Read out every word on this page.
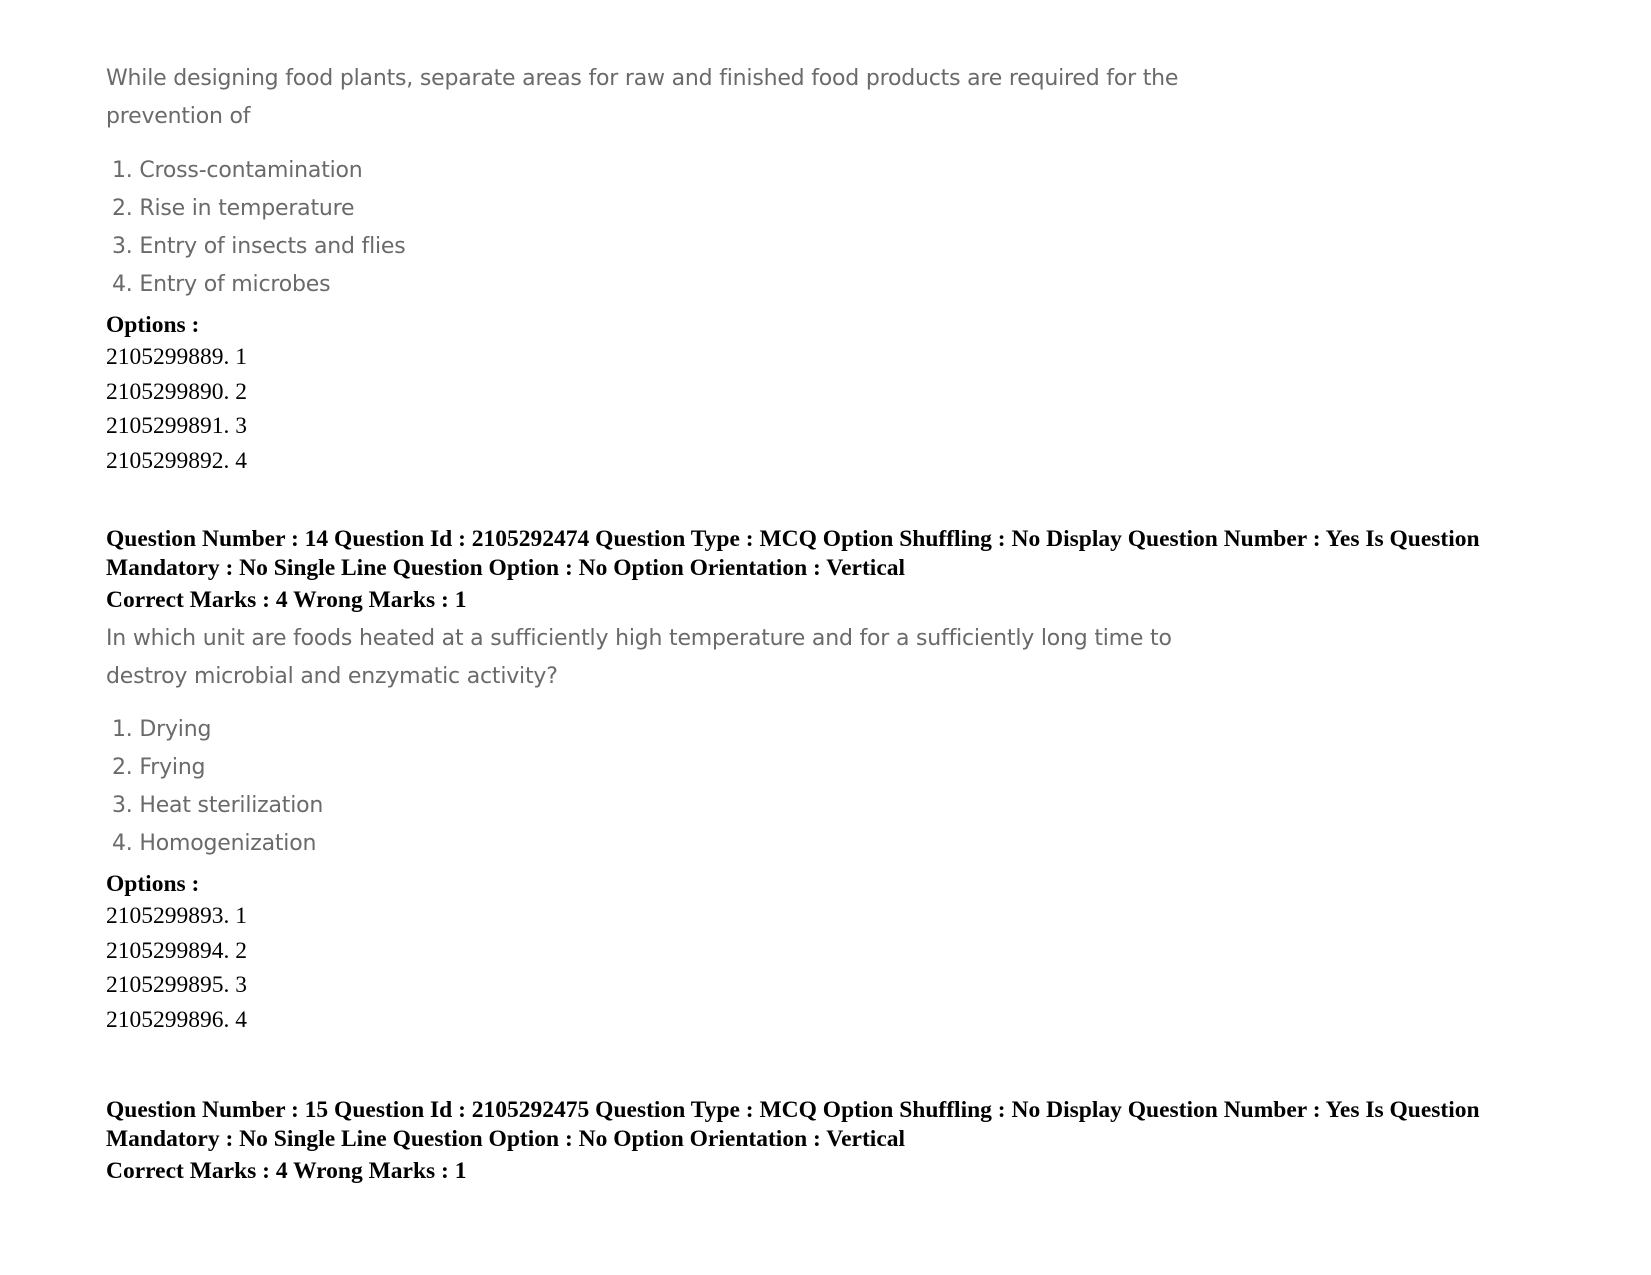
While designing food plants, separate areas for raw and finished food products are required for the prevention of

1. Cross-contamination
2. Rise in temperature
3. Entry of insects and flies
4. Entry of microbes
Options :
2105299889. 1
2105299890. 2
2105299891. 3
2105299892. 4

Question Number : 14 Question Id : 2105292474 Question Type : MCQ Option Shuffling : No Display Question Number : Yes Is Question Mandatory : No Single Line Question Option : No Option Orientation : Vertical

Correct Marks : 4 Wrong Marks : 1

In which unit are foods heated at a sufficiently high temperature and for a sufficiently long time to destroy microbial and enzymatic activity?

1. Drying
2. Frying
3. Heat sterilization
4. Homogenization
Options :
2105299893. 1
2105299894. 2
2105299895. 3
2105299896. 4

Question Number : 15 Question Id : 2105292475 Question Type : MCQ Option Shuffling : No Display Question Number : Yes Is Question Mandatory : No Single Line Question Option : No Option Orientation : Vertical

Correct Marks : 4 Wrong Marks : 1
